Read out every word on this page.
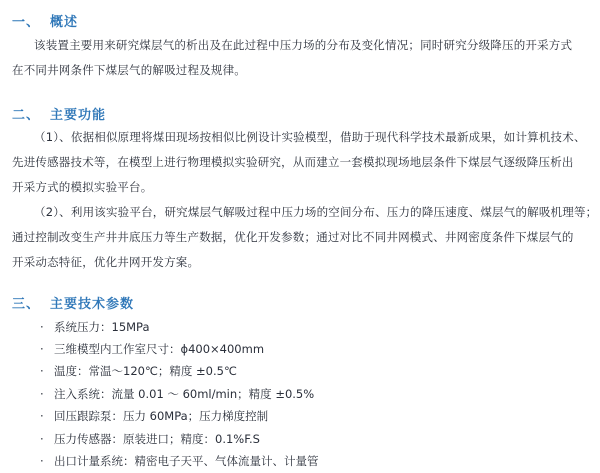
一、 概述
该装置主要用来研究煤层气的析出及在此过程中压力场的分布及变化情况；同时研究分级降压的开采方式
在不同井网条件下煤层气的解吸过程及规律。
二、 主要功能
（1）、依据相似原理将煤田现场按相似比例设计实验模型，借助于现代科学技术最新成果，如计算机技术、
先进传感器技术等，在模型上进行物理模拟实验研究，从而建立一套模拟现场地层条件下煤层气逐级降压析出
开采方式的模拟实验平台。
（2）、利用该实验平台，研究煤层气解吸过程中压力场的空间分布、压力的降压速度、煤层气的解吸机理等；
通过控制改变生产井井底压力等生产数据，优化开发参数；通过对比不同井网模式、井网密度条件下煤层气的
开采动态特征，优化井网开发方案。
三、 主要技术参数
· 系统压力：15MPa
· 三维模型内工作室尺寸：ϕ400×400mm
· 温度：常温～120℃；精度 ±0.5℃
· 注入系统：流量 0.01 ～ 60ml/min；精度 ±0.5%
· 回压跟踪泵：压力 60MPa；压力梯度控制
· 压力传感器：原装进口；精度：0.1%F.S
· 出口计量系统：精密电子天平、气体流量计、计量管
